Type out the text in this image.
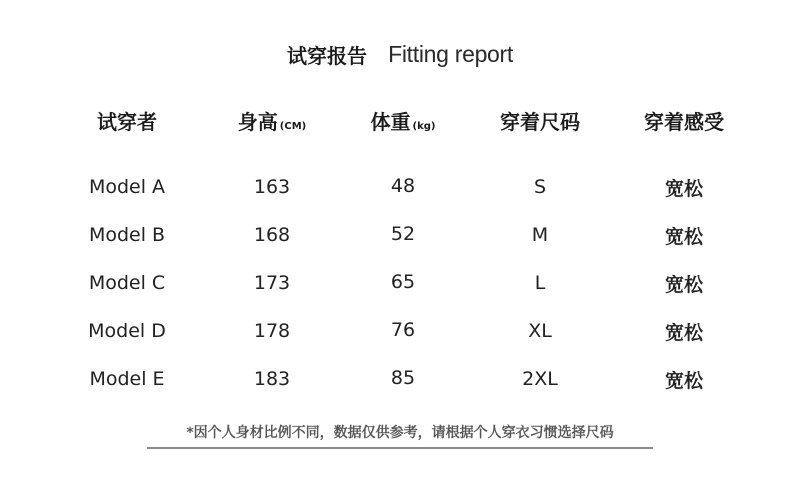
试穿报告 Fitting report
试穿者	身高 (CM)	体重 (kg)	穿着尺码	穿着感受
Model A	163	48	S	宽松
Model B	168	52	M	宽松
Model C	173	65	L	宽松
Model D	178	76	XL	宽松
Model E	183	85	2XL	宽松
*因个人身材比例不同，数据仅供参考，请根据个人穿衣习惯选择尺码
